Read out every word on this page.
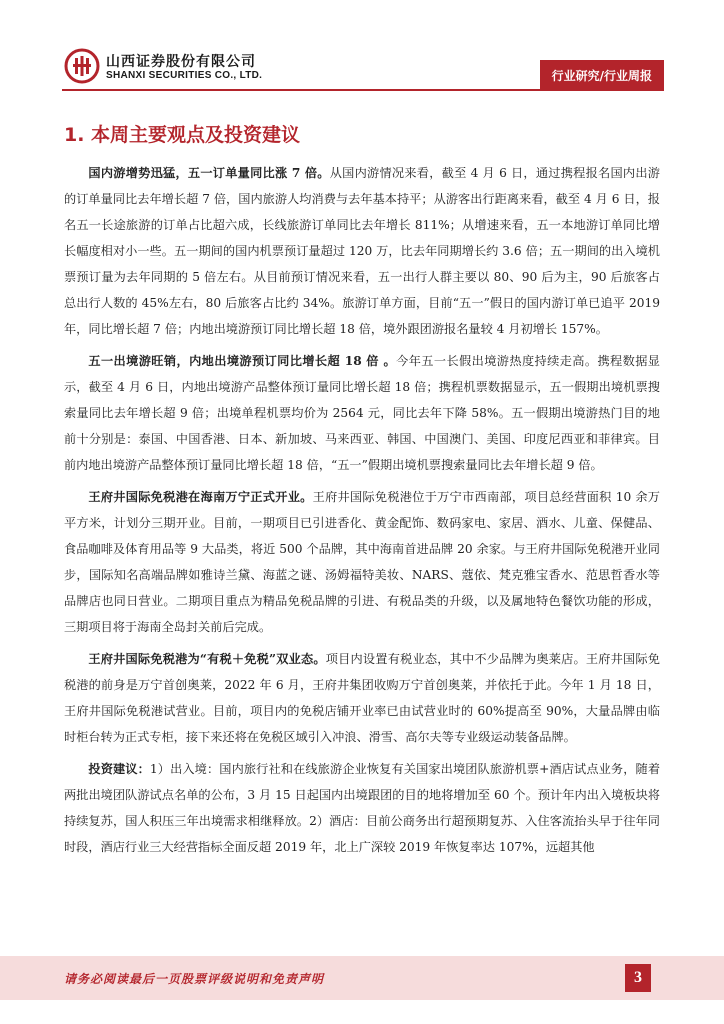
山西证券股份有限公司
SHANXI SECURITIES CO., LTD.	行业研究/行业周报
1. 本周主要观点及投资建议

国内游增势迅猛，五一订单量同比涨 7 倍。从国内游情况来看，截至 4 月 6 日，通过携程报名国内出游的订单量同比去年增长超 7 倍，国内旅游人均消费与去年基本持平；从游客出行距离来看，截至 4 月 6 日，报名五一长途旅游的订单占比超六成，长线旅游订单同比去年增长 811%；从增速来看，五一本地游订单同比增长幅度相对小一些。五一期间的国内机票预订量超过 120 万，比去年同期增长约 3.6 倍；五一期间的出入境机票预订量为去年同期的 5 倍左右。从目前预订情况来看，五一出行人群主要以 80、90 后为主，90 后旅客占总出行人数的 45%左右，80 后旅客占比约 34%。旅游订单方面，目前“五一”假日的国内游订单已追平 2019 年，同比增长超 7 倍；内地出境游预订同比增长超 18 倍，境外跟团游报名量较 4 月初增长 157%。

五一出境游旺销，内地出境游预订同比增长超 18 倍 。今年五一长假出境游热度持续走高。携程数据显示，截至 4 月 6 日，内地出境游产品整体预订量同比增长超 18 倍；携程机票数据显示，五一假期出境机票搜索量同比去年增长超 9 倍；出境单程机票均价为 2564 元，同比去年下降 58%。五一假期出境游热门目的地前十分别是：泰国、中国香港、日本、新加坡、马来西亚、韩国、中国澳门、美国、印度尼西亚和菲律宾。目前内地出境游产品整体预订量同比增长超 18 倍，“五一”假期出境机票搜索量同比去年增长超 9 倍。

王府井国际免税港在海南万宁正式开业。王府井国际免税港位于万宁市西南部，项目总经营面积 10 余万平方米，计划分三期开业。目前，一期项目已引进香化、黄金配饰、数码家电、家居、酒水、儿童、保健品、食品咖啡及体育用品等 9 大品类，将近 500 个品牌，其中海南首进品牌 20 余家。与王府井国际免税港开业同步，国际知名高端品牌如雅诗兰黛、海蓝之谜、汤姆福特美妆、NARS、蔻依、梵克雅宝香水、范思哲香水等品牌店也同日营业。二期项目重点为精品免税品牌的引进、有税品类的升级，以及属地特色餐饮功能的形成，三期项目将于海南全岛封关前后完成。

王府井国际免税港为“有税＋免税”双业态。项目内设置有税业态，其中不少品牌为奥莱店。王府井国际免税港的前身是万宁首创奥莱，2022 年 6 月，王府井集团收购万宁首创奥莱，并依托于此。今年 1 月 18 日，王府井国际免税港试营业。目前，项目内的免税店铺开业率已由试营业时的 60%提高至 90%，大量品牌由临时柜台转为正式专柜，接下来还将在免税区域引入冲浪、滑雪、高尔夫等专业级运动装备品牌。

投资建议：1）出入境：国内旅行社和在线旅游企业恢复有关国家出境团队旅游机票+酒店试点业务，随着两批出境团队游试点名单的公布，3 月 15 日起国内出境跟团的目的地将增加至 60 个。预计年内出入境板块将持续复苏，国人积压三年出境需求相继释放。2）酒店：目前公商务出行超预期复苏、入住客流抬头早于往年同时段，酒店行业三大经营指标全面反超 2019 年，北上广深较 2019 年恢复率达 107%，远超其他

请务必阅读最后一页股票评级说明和免责声明	3
